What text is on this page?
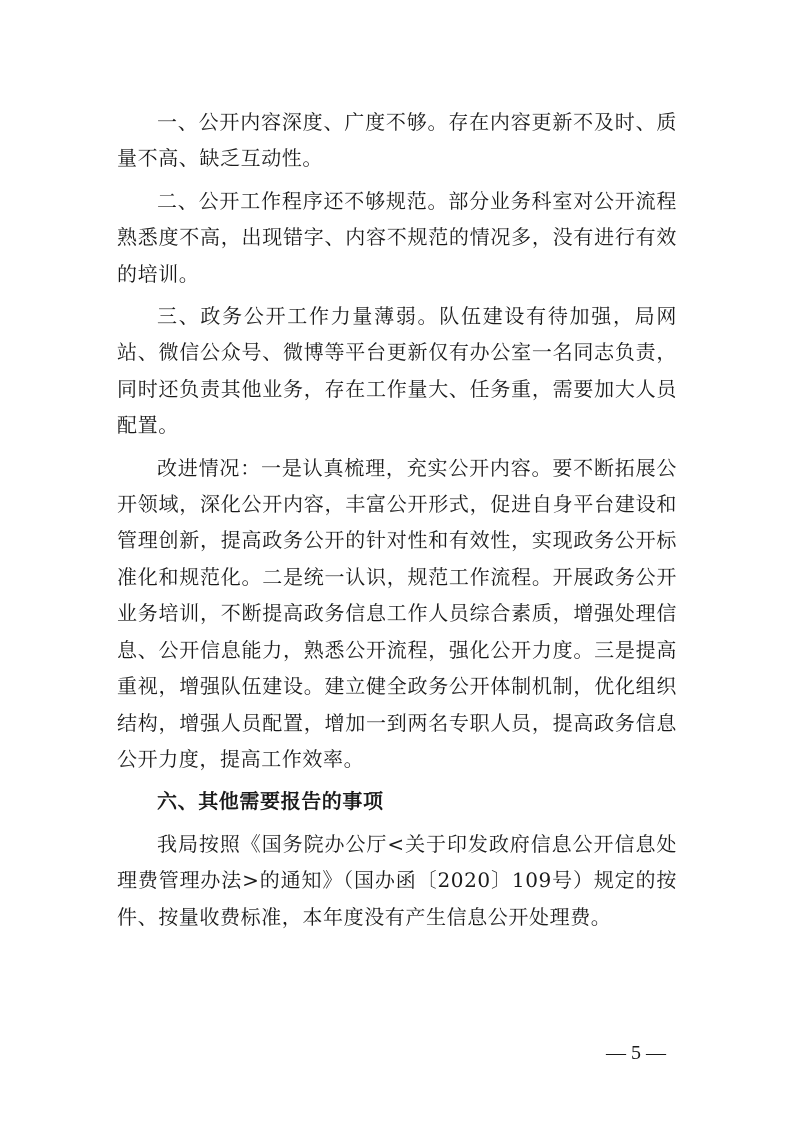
一、公开内容深度、广度不够。存在内容更新不及时、质量不高、缺乏互动性。

二、公开工作程序还不够规范。部分业务科室对公开流程熟悉度不高，出现错字、内容不规范的情况多，没有进行有效的培训。

三、政务公开工作力量薄弱。队伍建设有待加强，局网站、微信公众号、微博等平台更新仅有办公室一名同志负责，同时还负责其他业务，存在工作量大、任务重，需要加大人员配置。

改进情况：一是认真梳理，充实公开内容。要不断拓展公开领域，深化公开内容，丰富公开形式，促进自身平台建设和管理创新，提高政务公开的针对性和有效性，实现政务公开标准化和规范化。二是统一认识，规范工作流程。开展政务公开业务培训，不断提高政务信息工作人员综合素质，增强处理信息、公开信息能力，熟悉公开流程，强化公开力度。三是提高重视，增强队伍建设。建立健全政务公开体制机制，优化组织结构，增强人员配置，增加一到两名专职人员，提高政务信息公开力度，提高工作效率。

六、其他需要报告的事项

我局按照《国务院办公厅<关于印发政府信息公开信息处理费管理办法>的通知》（国办函〔2020〕109号）规定的按件、按量收费标准，本年度没有产生信息公开处理费。

— 5 —
